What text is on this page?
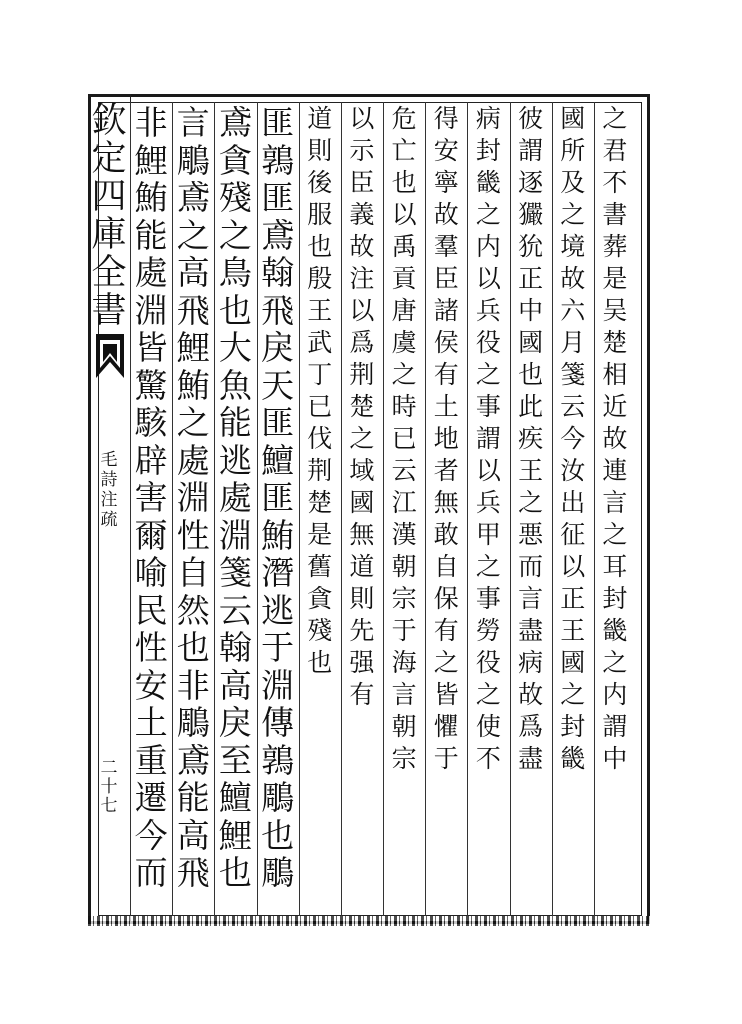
欽
定
四
庫
全
書
毛
詩
注
疏
二
十
七
之
君
不
書
葬
是
吴
楚
相
近
故
連
言
之
耳
封
畿
之
内
謂
中
國
所
及
之
境
故
六
月
箋
云
今
汝
出
征
以
正
王
國
之
封
畿
彼
謂
逐
玁
狁
正
中
國
也
此
疾
王
之
悪
而
言
盡
病
故
爲
盡
病
封
畿
之
内
以
兵
役
之
事
謂
以
兵
甲
之
事
勞
役
之
使
不
得
安
寧
故
羣
臣
諸
侯
有
土
地
者
無
敢
自
保
有
之
皆
懼
于
危
亡
也
以
禹
貢
唐
虞
之
時
已
云
江
漢
朝
宗
于
海
言
朝
宗
以
示
臣
義
故
注
以
爲
荆
楚
之
域
國
無
道
則
先
强
有
道
則
後
服
也
殷
王
武
丁
已
伐
荆
楚
是
舊
貪
殘
也
匪
鶉
匪
鳶
翰
飛
戾
天
匪
鱣
匪
鮪
潛
逃
于
淵
傳
鶉
鵰
也
鵰
鳶
貪
殘
之
鳥
也
大
魚
能
逃
處
淵
箋
云
翰
高
戾
至
鱣
鯉
也
言
鵰
鳶
之
高
飛
鯉
鮪
之
處
淵
性
自
然
也
非
鵰
鳶
能
高
飛
非
鯉
鮪
能
處
淵
皆
驚
駭
辟
害
爾
喻
民
性
安
土
重
遷
今
而
